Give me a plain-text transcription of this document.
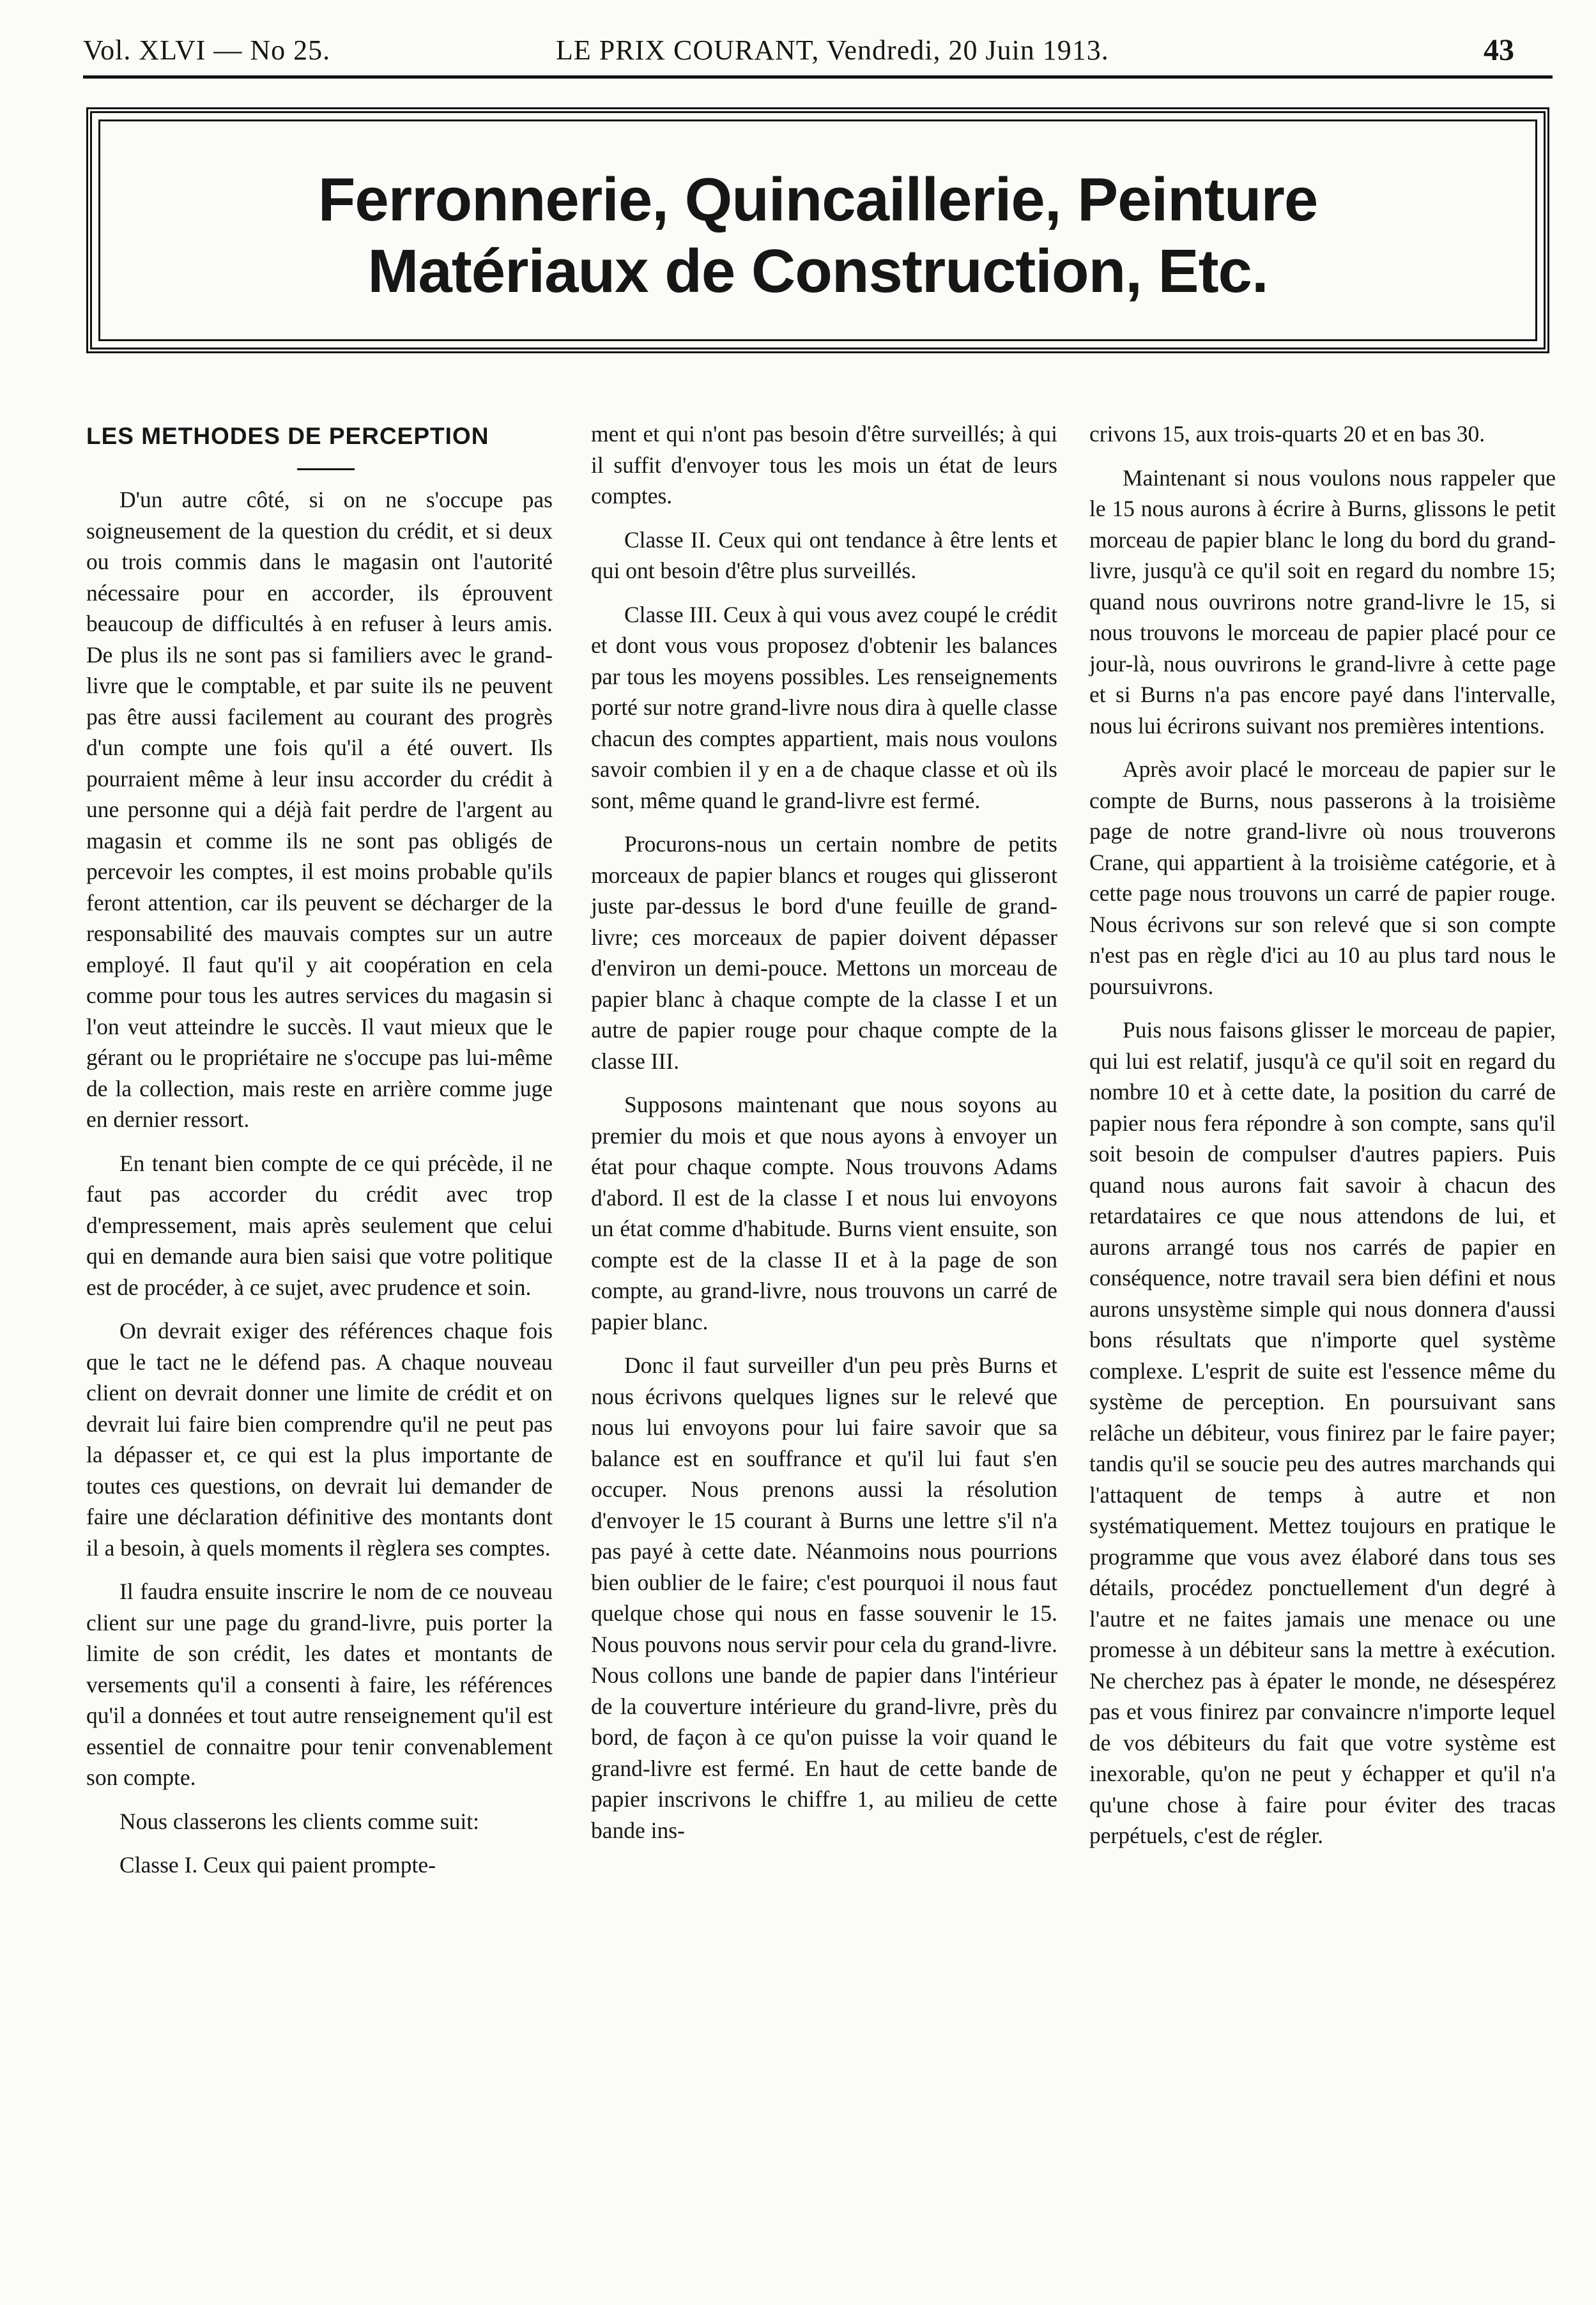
Vol. XLVI — No 25.	LE PRIX COURANT, Vendredi, 20 Juin 1913.	43
Ferronnerie, Quincaillerie, Peinture
Matériaux de Construction, Etc.
LES METHODES DE PERCEPTION

D'un autre côté, si on ne s'occupe pas soigneusement de la question du crédit, et si deux ou trois commis dans le magasin ont l'autorité nécessaire pour en accorder, ils éprouvent beaucoup de difficultés à en refuser à leurs amis. De plus ils ne sont pas si familiers avec le grand-livre que le comptable, et par suite ils ne peuvent pas être aussi facilement au courant des progrès d'un compte une fois qu'il a été ouvert. Ils pourraient même à leur insu accorder du crédit à une personne qui a déjà fait perdre de l'argent au magasin et comme ils ne sont pas obligés de percevoir les comptes, il est moins probable qu'ils feront attention, car ils peuvent se décharger de la responsabilité des mauvais comptes sur un autre employé. Il faut qu'il y ait coopération en cela comme pour tous les autres services du magasin si l'on veut atteindre le succès. Il vaut mieux que le gérant ou le propriétaire ne s'occupe pas lui-même de la collection, mais reste en arrière comme juge en dernier ressort.

En tenant bien compte de ce qui précède, il ne faut pas accorder du crédit avec trop d'empressement, mais après seulement que celui qui en demande aura bien saisi que votre politique est de procéder, à ce sujet, avec prudence et soin.

On devrait exiger des références chaque fois que le tact ne le défend pas. A chaque nouveau client on devrait donner une limite de crédit et on devrait lui faire bien comprendre qu'il ne peut pas la dépasser et, ce qui est la plus importante de toutes ces questions, on devrait lui demander de faire une déclaration définitive des montants dont il a besoin, à quels moments il règlera ses comptes.

Il faudra ensuite inscrire le nom de ce nouveau client sur une page du grand-livre, puis porter la limite de son crédit, les dates et montants de versements qu'il a consenti à faire, les références qu'il a données et tout autre renseignement qu'il est essentiel de connaitre pour tenir convenablement son compte.

Nous classerons les clients comme suit:

Classe I. Ceux qui paient prompte-

ment et qui n'ont pas besoin d'être surveillés; à qui il suffit d'envoyer tous les mois un état de leurs comptes.

Classe II. Ceux qui ont tendance à être lents et qui ont besoin d'être plus surveillés.

Classe III. Ceux à qui vous avez coupé le crédit et dont vous vous proposez d'obtenir les balances par tous les moyens possibles. Les renseignements porté sur notre grand-livre nous dira à quelle classe chacun des comptes appartient, mais nous voulons savoir combien il y en a de chaque classe et où ils sont, même quand le grand-livre est fermé.

Procurons-nous un certain nombre de petits morceaux de papier blancs et rouges qui glisseront juste par-dessus le bord d'une feuille de grand-livre; ces morceaux de papier doivent dépasser d'environ un demi-pouce. Mettons un morceau de papier blanc à chaque compte de la classe I et un autre de papier rouge pour chaque compte de la classe III.

Supposons maintenant que nous soyons au premier du mois et que nous ayons à envoyer un état pour chaque compte. Nous trouvons Adams d'abord. Il est de la classe I et nous lui envoyons un état comme d'habitude. Burns vient ensuite, son compte est de la classe II et à la page de son compte, au grand-livre, nous trouvons un carré de papier blanc.

Donc il faut surveiller d'un peu près Burns et nous écrivons quelques lignes sur le relevé que nous lui envoyons pour lui faire savoir que sa balance est en souffrance et qu'il lui faut s'en occuper. Nous prenons aussi la résolution d'envoyer le 15 courant à Burns une lettre s'il n'a pas payé à cette date. Néanmoins nous pourrions bien oublier de le faire; c'est pourquoi il nous faut quelque chose qui nous en fasse souvenir le 15. Nous pouvons nous servir pour cela du grand-livre. Nous collons une bande de papier dans l'intérieur de la couverture intérieure du grand-livre, près du bord, de façon à ce qu'on puisse la voir quand le grand-livre est fermé. En haut de cette bande de papier inscrivons le chiffre 1, au milieu de cette bande ins-

crivons 15, aux trois-quarts 20 et en bas 30.

Maintenant si nous voulons nous rappeler que le 15 nous aurons à écrire à Burns, glissons le petit morceau de papier blanc le long du bord du grand-livre, jusqu'à ce qu'il soit en regard du nombre 15; quand nous ouvrirons notre grand-livre le 15, si nous trouvons le morceau de papier placé pour ce jour-là, nous ouvrirons le grand-livre à cette page et si Burns n'a pas encore payé dans l'intervalle, nous lui écrirons suivant nos premières intentions.

Après avoir placé le morceau de papier sur le compte de Burns, nous passerons à la troisième page de notre grand-livre où nous trouverons Crane, qui appartient à la troisième catégorie, et à cette page nous trouvons un carré de papier rouge. Nous écrivons sur son relevé que si son compte n'est pas en règle d'ici au 10 au plus tard nous le poursuivrons.

Puis nous faisons glisser le morceau de papier, qui lui est relatif, jusqu'à ce qu'il soit en regard du nombre 10 et à cette date, la position du carré de papier nous fera répondre à son compte, sans qu'il soit besoin de compulser d'autres papiers. Puis quand nous aurons fait savoir à chacun des retardataires ce que nous attendons de lui, et aurons arrangé tous nos carrés de papier en conséquence, notre travail sera bien défini et nous aurons unsystème simple qui nous donnera d'aussi bons résultats que n'importe quel système complexe. L'esprit de suite est l'essence même du système de perception. En poursuivant sans relâche un débiteur, vous finirez par le faire payer; tandis qu'il se soucie peu des autres marchands qui l'attaquent de temps à autre et non systématiquement. Mettez toujours en pratique le programme que vous avez élaboré dans tous ses détails, procédez ponctuellement d'un degré à l'autre et ne faites jamais une menace ou une promesse à un débiteur sans la mettre à exécution. Ne cherchez pas à épater le monde, ne désespérez pas et vous finirez par convaincre n'importe lequel de vos débiteurs du fait que votre système est inexorable, qu'on ne peut y échapper et qu'il n'a qu'une chose à faire pour éviter des tracas perpétuels, c'est de régler.
